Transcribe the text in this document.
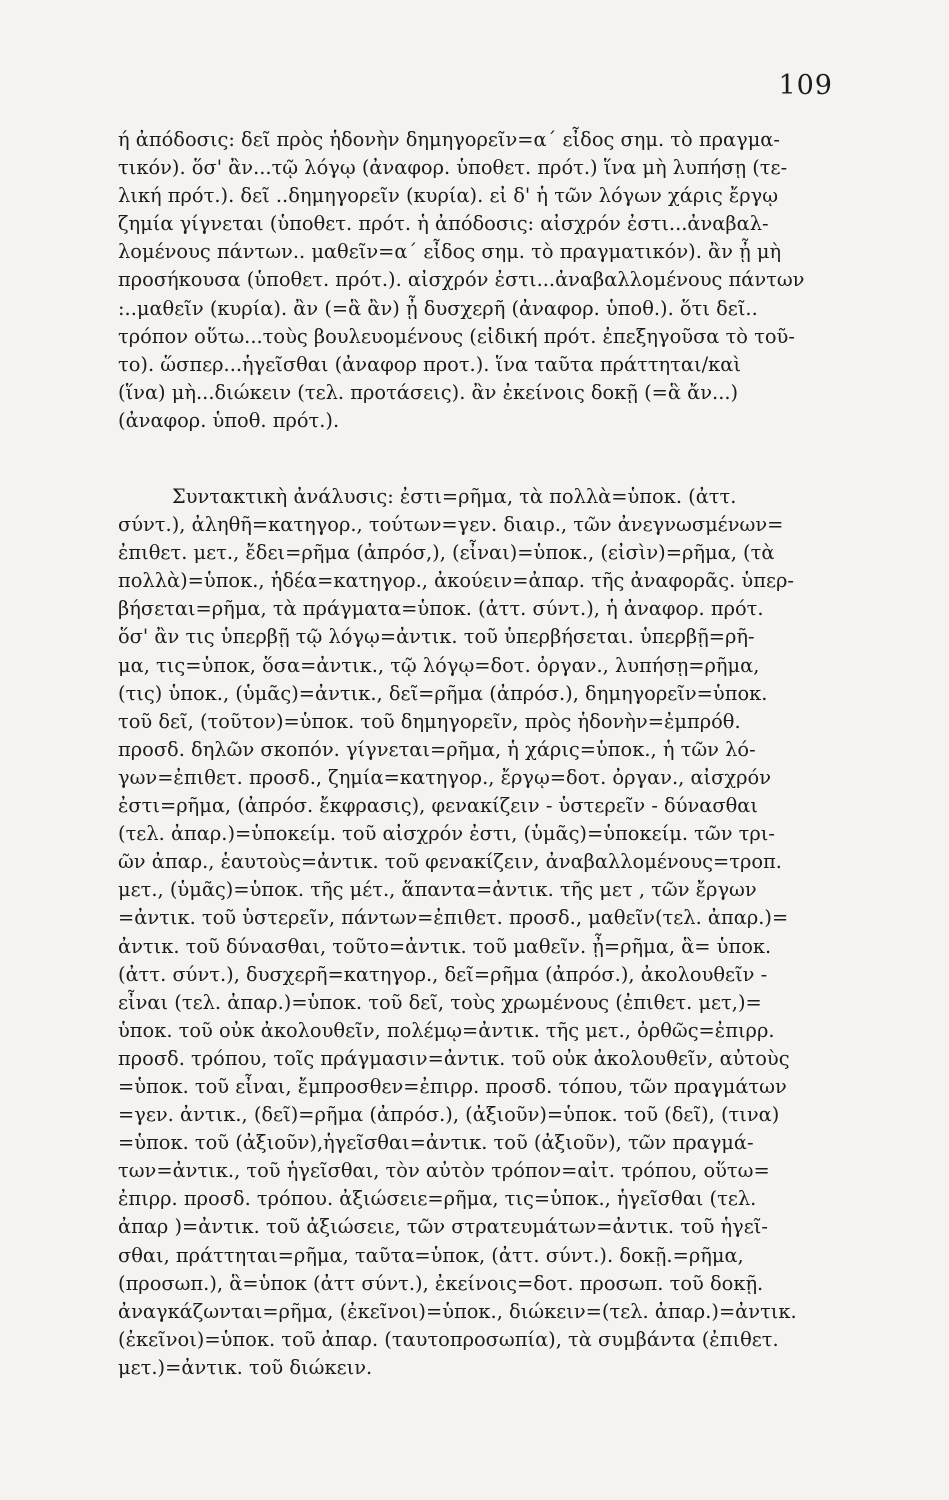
109
ή ἀπόδοσις: δεῖ πρὸς ἡδονὴν δημηγορεῖν=α΄ εἶδος σημ. τὸ πραγμα-
τικόν). ὅσ' ἂν...τῷ λόγῳ (ἀναφορ. ὑποθετ. πρότ.) ἵνα μὴ λυπήσῃ (τε-
λική πρότ.). δεῖ ..δημηγορεῖν (κυρία). εἰ δ' ἡ τῶν λόγων χάρις ἔργῳ
ζημία γίγνεται (ὑποθετ. πρότ. ἡ ἀπόδοσις: αἰσχρόν ἐστι...ἀναβαλ-
λομένους πάντων.. μαθεῖν=α΄ εἶδος σημ. τὸ πραγματικόν). ἂν ᾖ μὴ
προσήκουσα (ὑποθετ. πρότ.). αἰσχρόν ἐστι...ἀναβαλλομένους πάντων
:..μαθεῖν (κυρία). ἂν (=ἃ ἂν) ᾖ δυσχερῆ (ἀναφορ. ὑποθ.). ὅτι δεῖ..
τρόπον οὕτω...τοὺς βουλευομένους (εἰδική πρότ. ἐπεξηγοῦσα τὸ τοῦ-
το). ὥσπερ...ἡγεῖσθαι (ἀναφορ προτ.). ἵνα ταῦτα πράττηται/καὶ
(ἵνα) μὴ...διώκειν (τελ. προτάσεις). ἂν ἐκείνοις δοκῇ (=ἃ ἄν...)
(ἀναφορ. ὑποθ. πρότ.).
Συντακτικὴ ἀνάλυσις: ἐστι=ρῆμα, τὰ πολλὰ=ὑποκ. (ἀττ.
σύντ.), ἀληθῆ=κατηγορ., τούτων=γεν. διαιρ., τῶν ἀνεγνωσμένων=
ἐπιθετ. μετ., ἔδει=ρῆμα (ἀπρόσ,), (εἶναι)=ὑποκ., (εἰσὶν)=ρῆμα, (τὰ
πολλὰ)=ὑποκ., ἡδέα=κατηγορ., ἀκούειν=ἀπαρ. τῆς ἀναφορᾶς. ὑπερ-
βήσεται=ρῆμα, τὰ πράγματα=ὑποκ. (ἀττ. σύντ.), ἡ ἀναφορ. πρότ.
ὅσ' ἂν τις ὑπερβῇ τῷ λόγῳ=ἀντικ. τοῦ ὑπερβήσεται. ὑπερβῇ=ρῆ-
μα, τις=ὑποκ, ὅσα=ἀντικ., τῷ λόγῳ=δοτ. ὀργαν., λυπήσῃ=ρῆμα,
(τις) ὑποκ., (ὑμᾶς)=ἀντικ., δεῖ=ρῆμα (ἀπρόσ.), δημηγορεῖν=ὑποκ.
τοῦ δεῖ, (τοῦτον)=ὑποκ. τοῦ δημηγορεῖν, πρὸς ἡδονὴν=ἐμπρόθ.
προσδ. δηλῶν σκοπόν. γίγνεται=ρῆμα, ἡ χάρις=ὑποκ., ἡ τῶν λό-
γων=ἐπιθετ. προσδ., ζημία=κατηγορ., ἔργῳ=δοτ. ὀργαν., αἰσχρόν
ἐστι=ρῆμα, (ἀπρόσ. ἔκφρασις), φενακίζειν - ὑστερεῖν - δύνασθαι
(τελ. ἀπαρ.)=ὑποκείμ. τοῦ αἰσχρόν ἐστι, (ὑμᾶς)=ὑποκείμ. τῶν τρι-
ῶν ἀπαρ., ἑαυτοὺς=ἀντικ. τοῦ φενακίζειν, ἀναβαλλομένους=τροπ.
μετ., (ὑμᾶς)=ὑποκ. τῆς μέτ., ἅπαντα=ἀντικ. τῆς μετ , τῶν ἔργων
=ἀντικ. τοῦ ὑστερεῖν, πάντων=ἐπιθετ. προσδ., μαθεῖν(τελ. ἀπαρ.)=
ἀντικ. τοῦ δύνασθαι, τοῦτο=ἀντικ. τοῦ μαθεῖν. ᾖ=ρῆμα, ἃ= ὑποκ.
(ἀττ. σύντ.), δυσχερῆ=κατηγορ., δεῖ=ρῆμα (ἀπρόσ.), ἀκολουθεῖν -
εἶναι (τελ. ἀπαρ.)=ὑποκ. τοῦ δεῖ, τοὺς χρωμένους (ἐπιθετ. μετ,)=
ὑποκ. τοῦ οὐκ ἀκολουθεῖν, πολέμῳ=ἀντικ. τῆς μετ., ὀρθῶς=ἐπιρρ.
προσδ. τρόπου, τοῖς πράγμασιν=ἀντικ. τοῦ οὐκ ἀκολουθεῖν, αὐτοὺς
=ὑποκ. τοῦ εἶναι, ἔμπροσθεν=ἐπιρρ. προσδ. τόπου, τῶν πραγμάτων
=γεν. ἀντικ., (δεῖ)=ρῆμα (ἀπρόσ.), (ἀξιοῦν)=ὑποκ. τοῦ (δεῖ), (τινα)
=ὑποκ. τοῦ (ἀξιοῦν),ἡγεῖσθαι=ἀντικ. τοῦ (ἀξιοῦν), τῶν πραγμά-
των=ἀντικ., τοῦ ἡγεῖσθαι, τὸν αὐτὸν τρόπον=αἰτ. τρόπου, οὕτω=
ἐπιρρ. προσδ. τρόπου. ἀξιώσειε=ρῆμα, τις=ὑποκ., ἡγεῖσθαι (τελ.
ἀπαρ )=ἀντικ. τοῦ ἀξιώσειε, τῶν στρατευμάτων=ἀντικ. τοῦ ἡγεῖ-
σθαι, πράττηται=ρῆμα, ταῦτα=ὑποκ, (ἀττ. σύντ.). δοκῇ.=ρῆμα,
(προσωπ.), ἃ=ὑποκ (ἀττ σύντ.), ἐκείνοις=δοτ. προσωπ. τοῦ δοκῇ.
ἀναγκάζωνται=ρῆμα, (ἐκεῖνοι)=ὑποκ., διώκειν=(τελ. ἀπαρ.)=ἀντικ.
(ἐκεῖνοι)=ὑποκ. τοῦ ἀπαρ. (ταυτοπροσωπία), τὰ συμβάντα (ἐπιθετ.
μετ.)=ἀντικ. τοῦ διώκειν.
